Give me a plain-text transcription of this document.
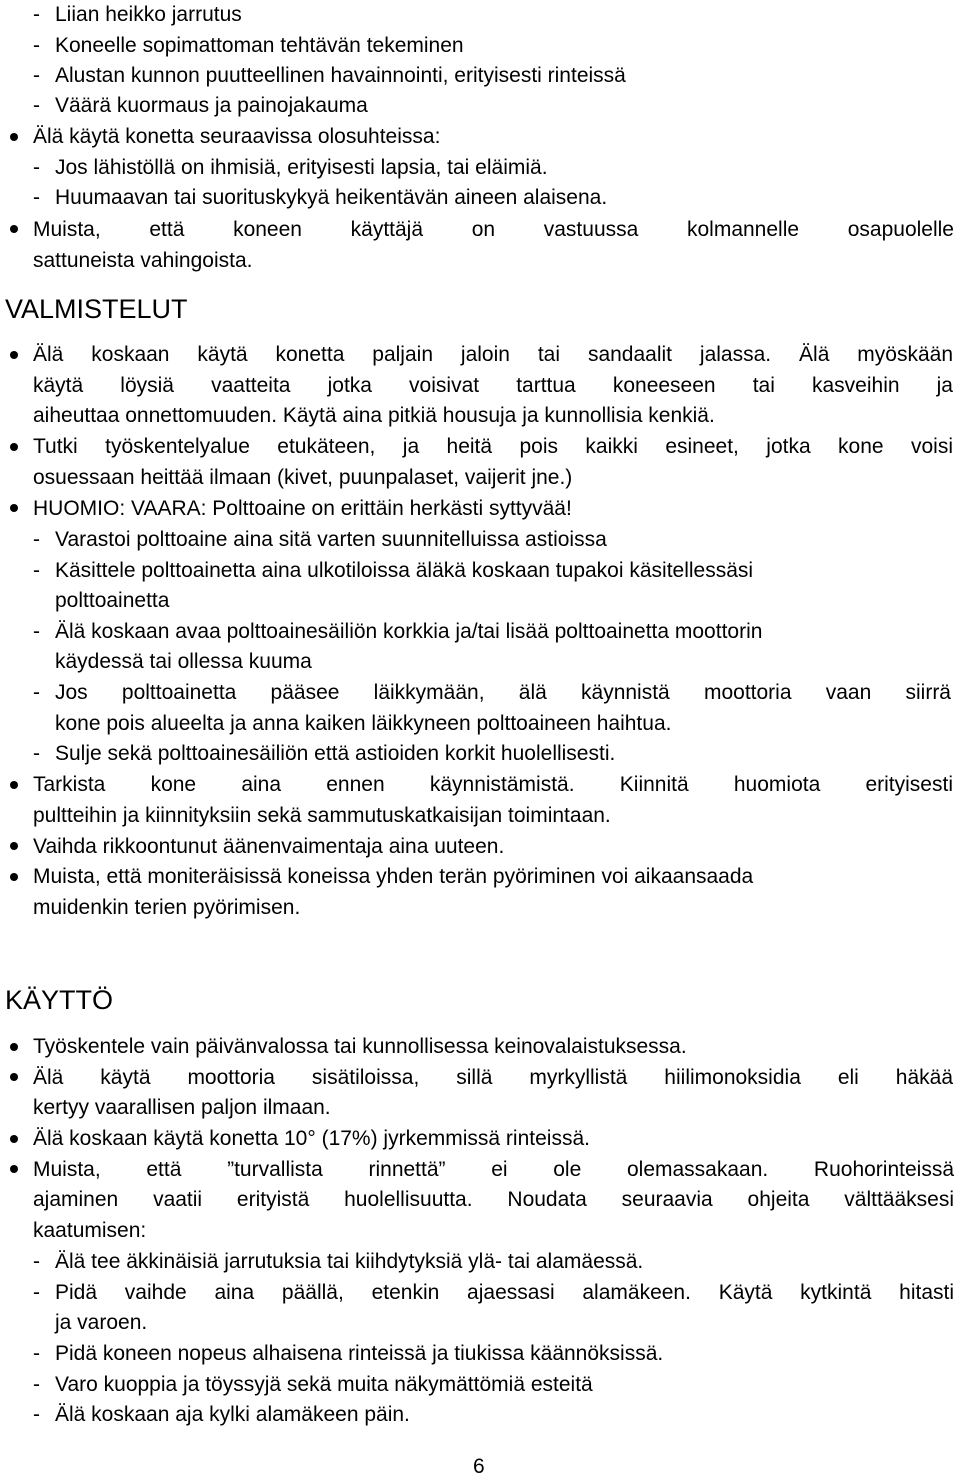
- Liian heikko jarrutus
- Koneelle sopimattoman tehtävän tekeminen
- Alustan kunnon puutteellinen havainnointi, erityisesti rinteissä
- Väärä kuormaus ja painojakauma
Älä käytä konetta seuraavissa olosuhteissa:
- Jos lähistöllä on ihmisiä, erityisesti lapsia, tai eläimiä.
- Huumaavan tai suorituskykyä heikentävän aineen alaisena.
Muista, että koneen käyttäjä on vastuussa kolmannelle osapuolelle
sattuneista vahingoista.
VALMISTELUT
Älä koskaan käytä konetta paljain jaloin tai sandaalit jalassa. Älä myöskään
käytä löysiä vaatteita jotka voisivat tarttua koneeseen tai kasveihin ja
aiheuttaa onnettomuuden. Käytä aina pitkiä housuja ja kunnollisia kenkiä.
Tutki työskentelyalue etukäteen, ja heitä pois kaikki esineet, jotka kone voisi
osuessaan heittää ilmaan (kivet, puunpalaset, vaijerit jne.)
HUOMIO: VAARA: Polttoaine on erittäin herkästi syttyvää!
- Varastoi polttoaine aina sitä varten suunnitelluissa astioissa
- Käsittele polttoainetta aina ulkotiloissa äläkä koskaan tupakoi käsitellessäsi
polttoainetta
- Älä koskaan avaa polttoainesäiliön korkkia ja/tai lisää polttoainetta moottorin
käydessä tai ollessa kuuma
- Jos polttoainetta pääsee läikkymään, älä käynnistä moottoria vaan siirrä
kone pois alueelta ja anna kaiken läikkyneen polttoaineen haihtua.
- Sulje sekä polttoainesäiliön että astioiden korkit huolellisesti.
Tarkista kone aina ennen käynnistämistä. Kiinnitä huomiota erityisesti
pultteihin ja kiinnityksiin sekä sammutuskatkaisijan toimintaan.
Vaihda rikkoontunut äänenvaimentaja aina uuteen.
Muista, että moniteräisissä koneissa yhden terän pyöriminen voi aikaansaada
muidenkin terien pyörimisen.
KÄYTTÖ
Työskentele vain päivänvalossa tai kunnollisessa keinovalaistuksessa.
Älä käytä moottoria sisätiloissa, sillä myrkyllistä hiilimonoksidia eli häkää
kertyy vaarallisen paljon ilmaan.
Älä koskaan käytä konetta 10° (17%) jyrkemmissä rinteissä.
Muista, että ”turvallista rinnettä” ei ole olemassakaan. Ruohorinteissä
ajaminen vaatii erityistä huolellisuutta. Noudata seuraavia ohjeita välttääksesi
kaatumisen:
- Älä tee äkkinäisiä jarrutuksia tai kiihdytyksiä ylä- tai alamäessä.
- Pidä vaihde aina päällä, etenkin ajaessasi alamäkeen. Käytä kytkintä hitasti
ja varoen.
- Pidä koneen nopeus alhaisena rinteissä ja tiukissa käännöksissä.
- Varo kuoppia ja töyssyjä sekä muita näkymättömiä esteitä
- Älä koskaan aja kylki alamäkeen päin.
6
